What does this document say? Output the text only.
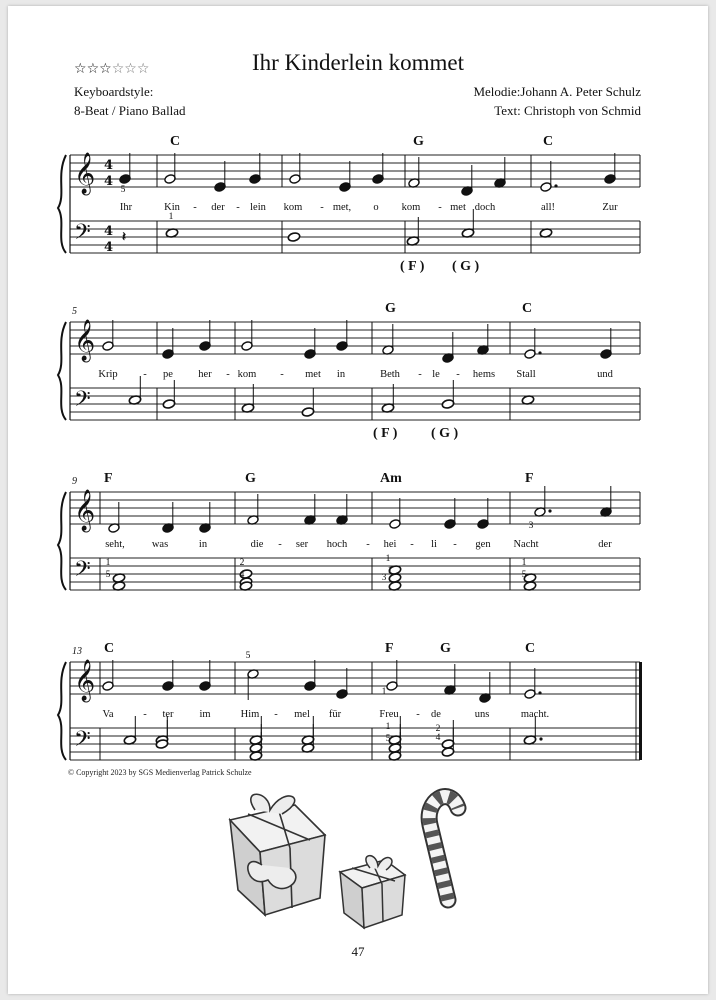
Ihr Kinderlein kommet
☆☆☆☆☆☆
Keyboardstyle:
8-Beat / Piano Ballad
Melodie:Johann A. Peter Schulz
Text: Christoph von Schmid
𝄞
𝄢
4
4
4
4
𝄽
C	G	C
( F ) ( G )
Ihr	Kin - der - lein kom - met, o kom - met doch	all!	Zur
5
1
𝄞
𝄢
5	G	C
( F ) ( G )
Krip - pe her - kom - met in	Beth - le - hems Stall	und
𝄞
𝄢
9 F	G	Am	F
seht,	was	in	die - ser hoch - hei - li - gen Nacht	der
1
5
2
4
1
1
3
3
1
5
𝄞
𝄢
13 C	F	G	C
Va	- ter im	Him - mel für	Freu - de	uns	macht.
5
1
1
5
2
4
© Copyright 2023 by SGS Medienverlag Patrick Schulze
47
